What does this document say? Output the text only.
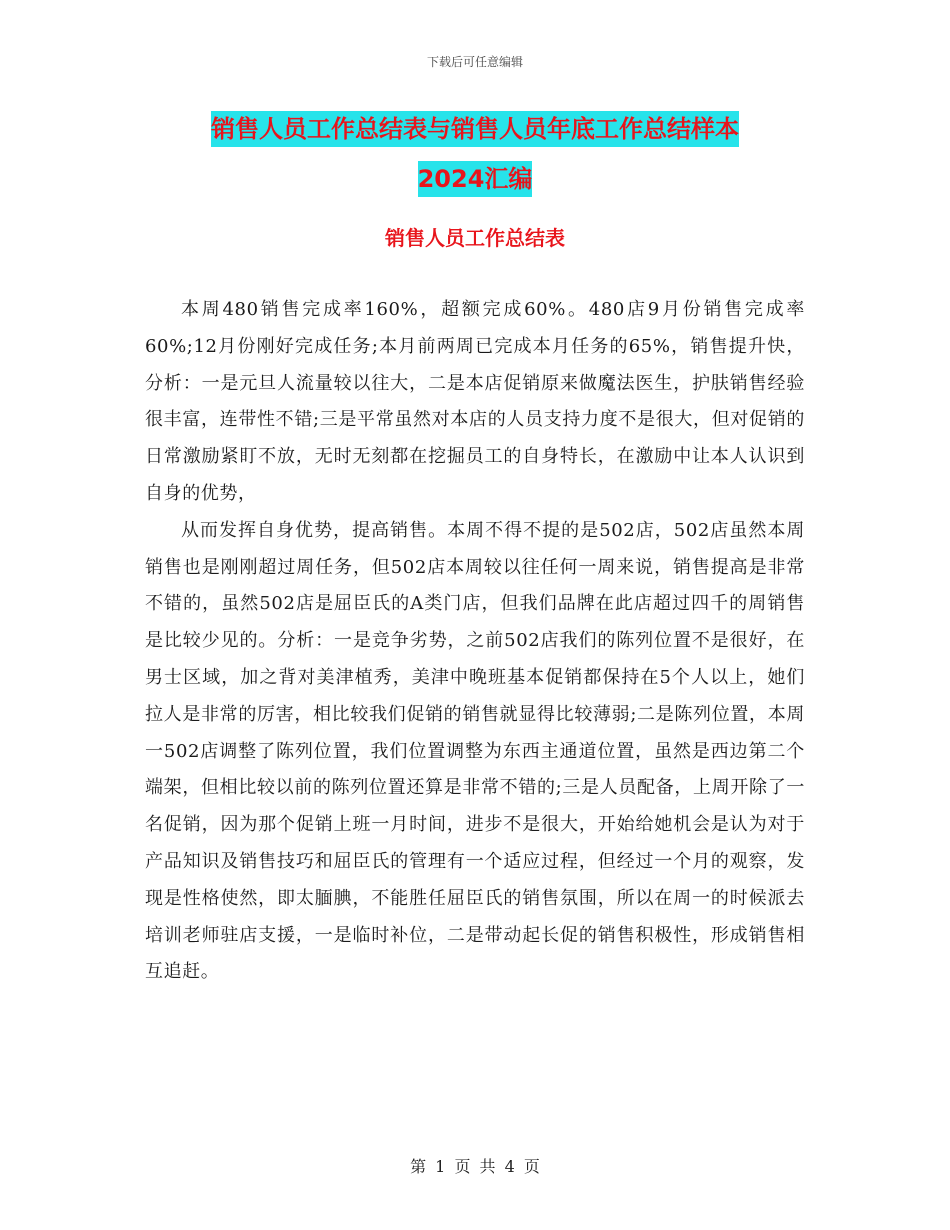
下载后可任意编辑
销售人员工作总结表与销售人员年底工作总结样本
2024汇编
销售人员工作总结表

本周480销售完成率160%，超额完成60%。480店9月份销售完成率60%;12月份刚好完成任务;本月前两周已完成本月任务的65%，销售提升快，分析：一是元旦人流量较以往大，二是本店促销原来做魔法医生，护肤销售经验很丰富，连带性不错;三是平常虽然对本店的人员支持力度不是很大，但对促销的日常激励紧盯不放，无时无刻都在挖掘员工的自身特长，在激励中让本人认识到自身的优势，

从而发挥自身优势，提高销售。本周不得不提的是502店，502店虽然本周销售也是刚刚超过周任务，但502店本周较以往任何一周来说，销售提高是非常不错的，虽然502店是屈臣氏的A类门店，但我们品牌在此店超过四千的周销售是比较少见的。分析：一是竞争劣势，之前502店我们的陈列位置不是很好，在男士区域，加之背对美津植秀，美津中晚班基本促销都保持在5个人以上，她们拉人是非常的厉害，相比较我们促销的销售就显得比较薄弱;二是陈列位置，本周一502店调整了陈列位置，我们位置调整为东西主通道位置，虽然是西边第二个端架，但相比较以前的陈列位置还算是非常不错的;三是人员配备，上周开除了一名促销，因为那个促销上班一月时间，进步不是很大，开始给她机会是认为对于产品知识及销售技巧和屈臣氏的管理有一个适应过程，但经过一个月的观察，发现是性格使然，即太腼腆，不能胜任屈臣氏的销售氛围，所以在周一的时候派去培训老师驻店支援，一是临时补位，二是带动起长促的销售积极性，形成销售相互追赶。

第 1 页 共 4 页
